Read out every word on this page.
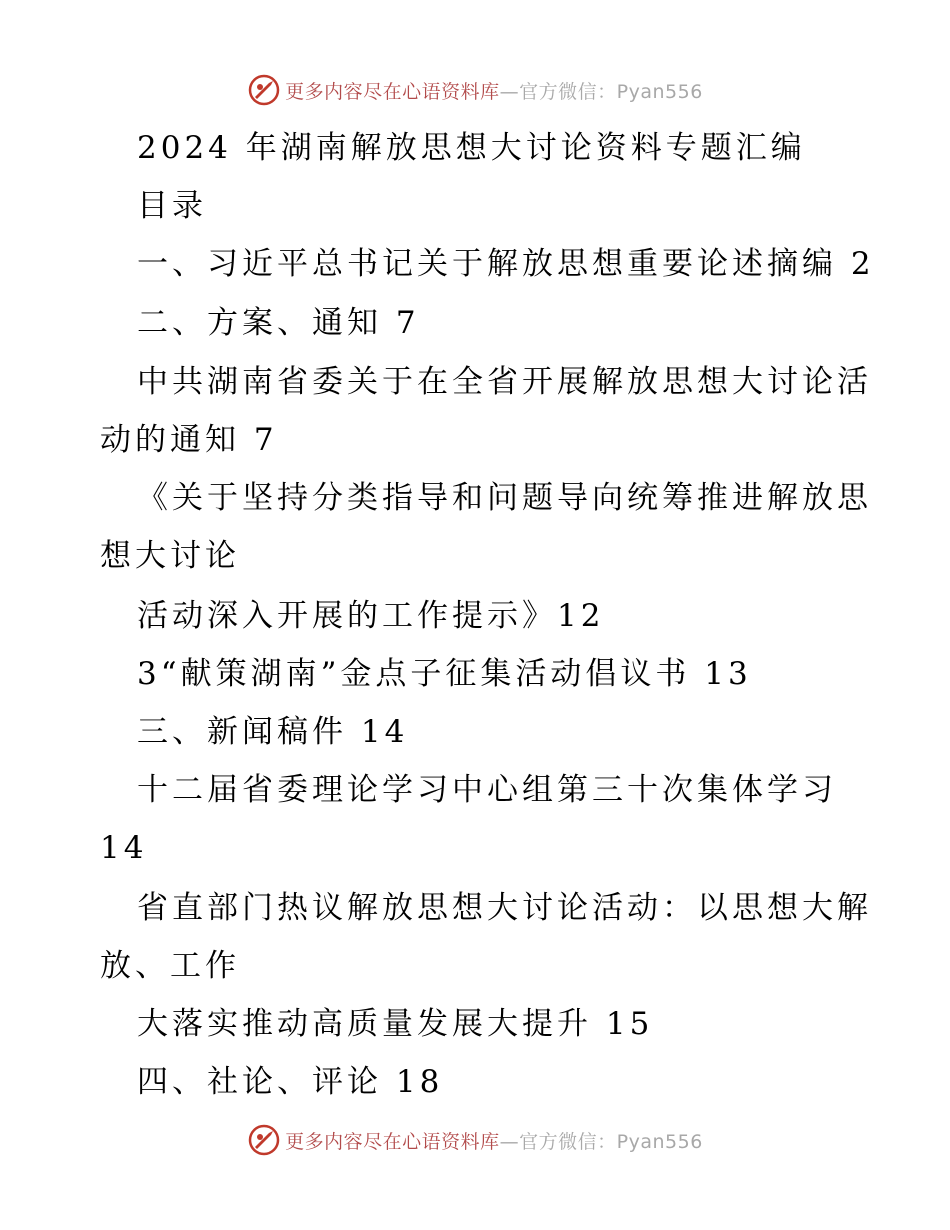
更多内容尽在心语资料库—官方微信：Pyan556
2024 年湖南解放思想大讨论资料专题汇编
目录
一、习近平总书记关于解放思想重要论述摘编 2
二、方案、通知 7
中共湖南省委关于在全省开展解放思想大讨论活
动的通知 7
《关于坚持分类指导和问题导向统筹推进解放思
想大讨论
活动深入开展的工作提示》12
3“献策湖南”金点子征集活动倡议书 13
三、新闻稿件 14
十二届省委理论学习中心组第三十次集体学习
14
省直部门热议解放思想大讨论活动：以思想大解
放、工作
大落实推动高质量发展大提升 15
四、社论、评论 18
更多内容尽在心语资料库—官方微信：Pyan556
